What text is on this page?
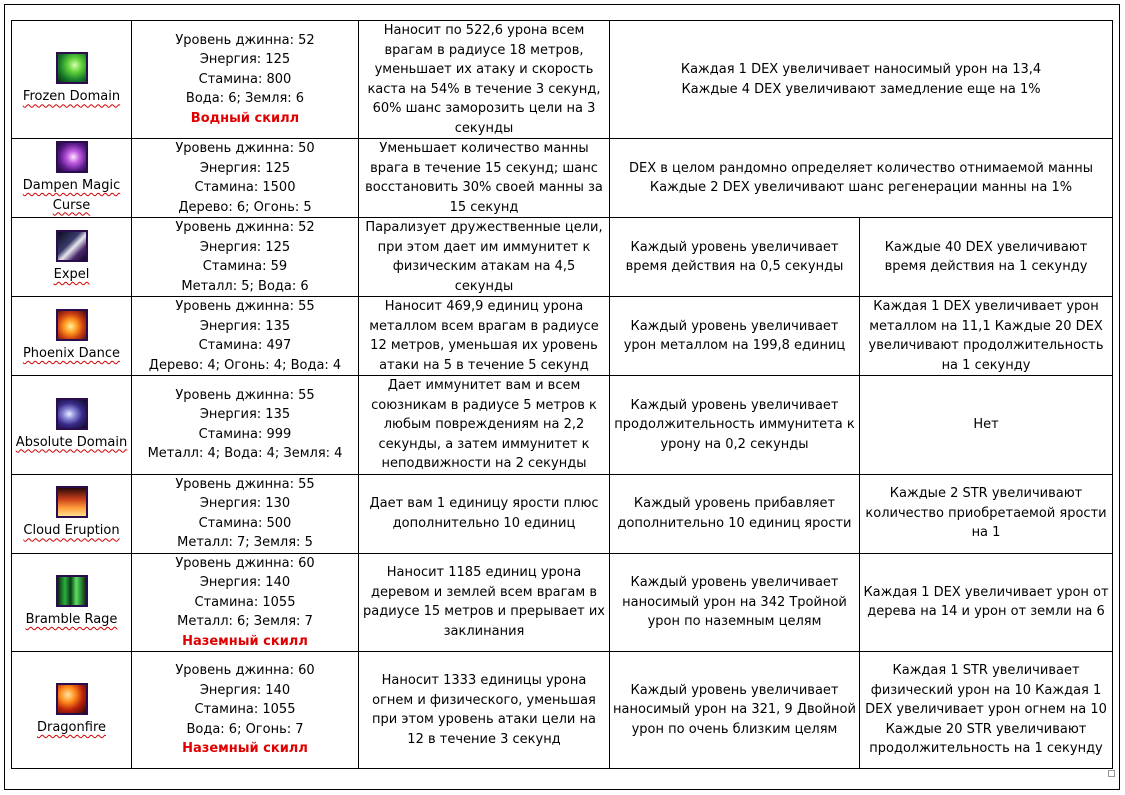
Frozen Domain	Уровень джинна: 52
Энергия: 125
Стамина: 800
Вода: 6; Земля: 6
Водный скилл	Наносит по 522,6 урона всем врагам в радиусе 18 метров, уменьшает их атаку и скорость каста на 54% в течение 3 секунд, 60% шанс заморозить цели на 3 секунды	Каждая 1 DEX увеличивает наносимый урон на 13,4
Каждые 4 DEX увеличивают замедление еще на 1%	

Dampen Magic Curse	Уровень джинна: 50
Энергия: 125
Стамина: 1500
Дерево: 6; Огонь: 5	Уменьшает количество манны врага в течение 15 секунд; шанс восстановить 30% своей манны за 15 секунд	DEX в целом рандомно определяет количество отнимаемой манны
Каждые 2 DEX увеличивают шанс регенерации манны на 1%	

Expel	Уровень джинна: 52
Энергия: 125
Стамина: 59
Металл: 5; Вода: 6	Парализует дружественные цели, при этом дает им иммунитет к физическим атакам на 4,5 секунды	Каждый уровень увеличивает время действия на 0,5 секунды	Каждые 40 DEX увеличивают время действия на 1 секунду

Phoenix Dance	Уровень джинна: 55
Энергия: 135
Стамина: 497
Дерево: 4; Огонь: 4; Вода: 4	Наносит 469,9 единиц урона металлом всем врагам в радиусе 12 метров, уменьшая их уровень атаки на 5 в течение 5 секунд	Каждый уровень увеличивает урон металлом на 199,8 единиц	Каждая 1 DEX увеличивает урон металлом на 11,1 Каждые 20 DEX увеличивают продолжительность на 1 секунду

Absolute Domain	Уровень джинна: 55
Энергия: 135
Стамина: 999
Металл: 4; Вода: 4; Земля: 4	Дает иммунитет вам и всем союзникам в радиусе 5 метров к любым повреждениям на 2,2 секунды, а затем иммунитет к неподвижности на 2 секунды	Каждый уровень увеличивает продолжительность иммунитета к урону на 0,2 секунды	Нет

Cloud Eruption	Уровень джинна: 55
Энергия: 130
Стамина: 500
Металл: 7; Земля: 5	Дает вам 1 единицу ярости плюс дополнительно 10 единиц	Каждый уровень прибавляет дополнительно 10 единиц ярости	Каждые 2 STR увеличивают количество приобретаемой ярости на 1

Bramble Rage	Уровень джинна: 60
Энергия: 140
Стамина: 1055
Металл: 6; Земля: 7
Наземный скилл	Наносит 1185 единиц урона деревом и землей всем врагам в радиусе 15 метров и прерывает их заклинания	Каждый уровень увеличивает наносимый урон на 342 Тройной урон по наземным целям	Каждая 1 DEX увеличивает урон от дерева на 14 и урон от земли на 6

Dragonfire	Уровень джинна: 60
Энергия: 140
Стамина: 1055
Вода: 6; Огонь: 7
Наземный скилл	Наносит 1333 единицы урона огнем и физического, уменьшая при этом уровень атаки цели на 12 в течение 3 секунд	Каждый уровень увеличивает наносимый урон на 321, 9 Двойной урон по очень близким целям	Каждая 1 STR увеличивает физический урон на 10 Каждая 1 DEX увеличивает урон огнем на 10 Каждые 20 STR увеличивают продолжительность на 1 секунду
